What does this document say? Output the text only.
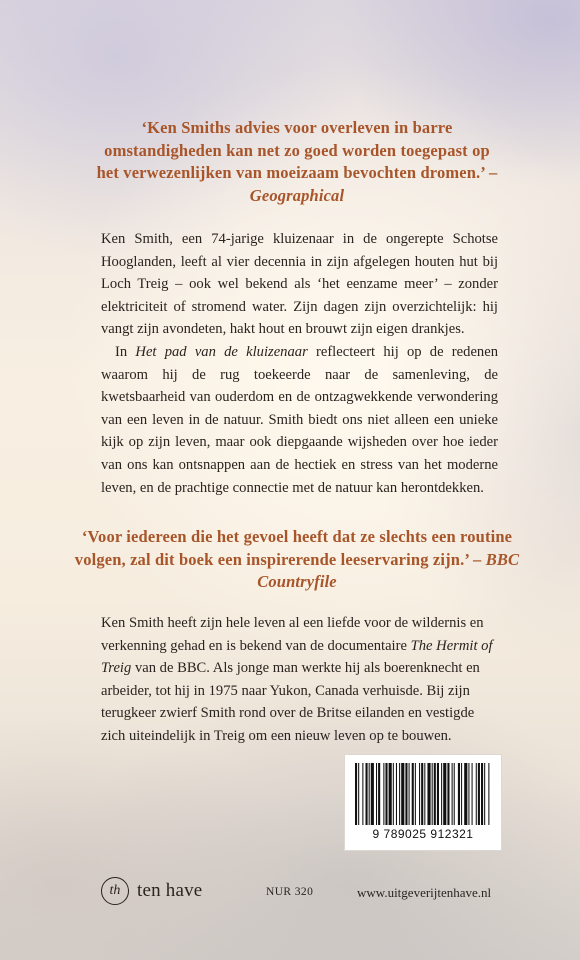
‘Ken Smiths advies voor overleven in barre omstandigheden kan net zo goed worden toegepast op het verwezenlijken van moeizaam bevochten dromen.’ – Geographical

Ken Smith, een 74-jarige kluizenaar in de ongerepte Schotse Hooglanden, leeft al vier decennia in zijn afgelegen houten hut bij Loch Treig – ook wel bekend als ‘het eenzame meer’ – zonder elektriciteit of stromend water. Zijn dagen zijn overzichtelijk: hij vangt zijn avondeten, hakt hout en brouwt zijn eigen drankjes.

In Het pad van de kluizenaar reflecteert hij op de redenen waarom hij de rug toekeerde naar de samenleving, de kwetsbaarheid van ouderdom en de ontzagwekkende verwondering van een leven in de natuur. Smith biedt ons niet alleen een unieke kijk op zijn leven, maar ook diepgaande wijsheden over hoe ieder van ons kan ontsnappen aan de hectiek en stress van het moderne leven, en de prachtige connectie met de natuur kan herontdekken.

‘Voor iedereen die het gevoel heeft dat ze slechts een routine volgen, zal dit boek een inspirerende leeservaring zijn.’ – BBC Countryfile

Ken Smith heeft zijn hele leven al een liefde voor de wildernis en verkenning gehad en is bekend van de documentaire The Hermit of Treig van de BBC. Als jonge man werkte hij als boerenknecht en arbeider, tot hij in 1975 naar Yukon, Canada verhuisde. Bij zijn terugkeer zwierf Smith rond over de Britse eilanden en vestigde zich uiteindelijk in Treig om een nieuw leven op te bouwen.

9 789025 912321
th ten have	NUR 320	www.uitgeverijtenhave.nl
